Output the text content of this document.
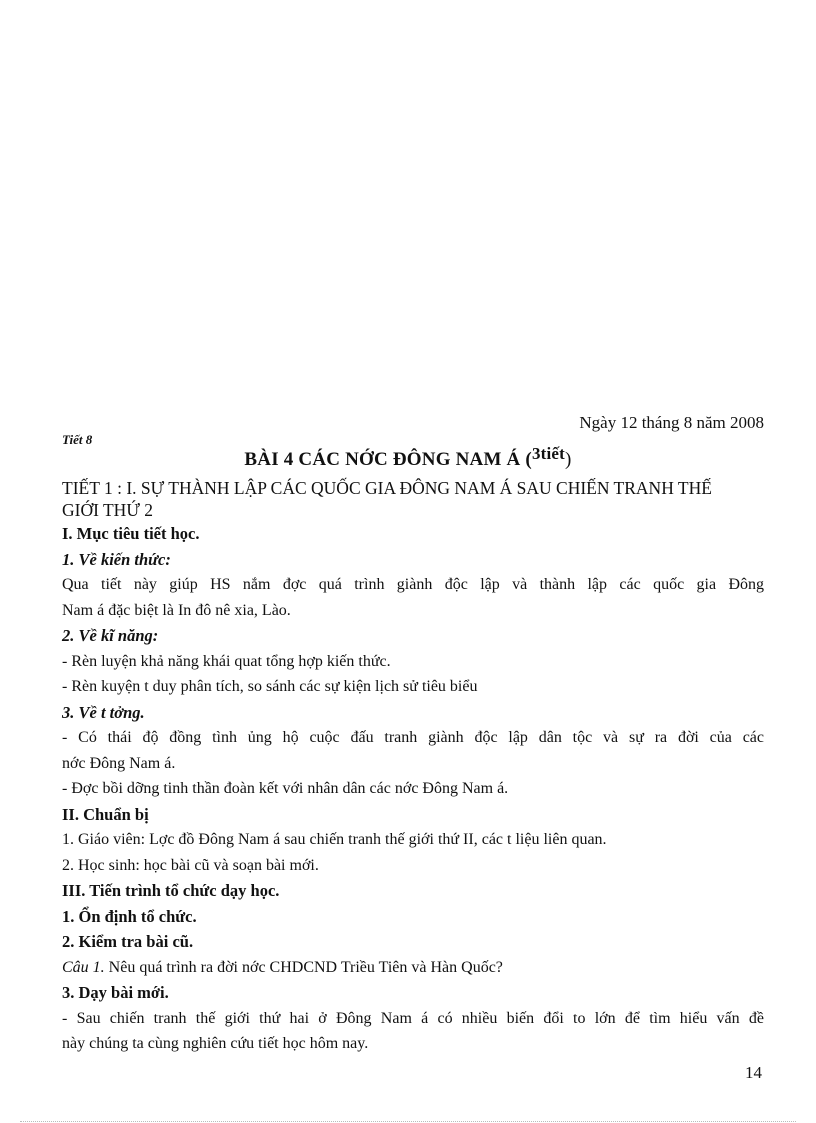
Ngày 12 tháng 8 năm 2008
Tiết 8
BÀI 4 CÁC NỚC ĐÔNG NAM Á (3tiết)
TIẾT 1 : I. SỰ THÀNH LẬP CÁC QUỐC GIA ĐÔNG NAM Á SAU CHIẾN TRANH THẾ GIỚI THỨ 2
I. Mục tiêu tiết học.
1. Về kiến thức:
Qua tiết này giúp HS nắm đợc quá trình giành độc lập và thành lập các quốc gia Đông
Nam á đặc biệt là In đô nê xia, Lào.
2. Về kĩ năng:
- Rèn luyện khả năng khái quat tổng hợp kiến thức.
- Rèn kuyện t duy phân tích, so sánh các sự kiện lịch sử tiêu biểu
3. Về t tởng.
- Có thái độ đồng tình ủng hộ cuộc đấu tranh giành độc lập dân tộc và sự ra đời của các
nớc Đông Nam á.
- Đợc bồi dỡng tinh thần đoàn kết với nhân dân các nớc Đông Nam á.
II. Chuẩn bị
1. Giáo viên: Lợc đồ Đông Nam á sau chiến tranh thế giới thứ II, các t liệu liên quan.
2. Học sinh: học bài cũ và soạn bài mới.
III. Tiến trình tổ chức dạy học.
1. Ổn định tổ chức.
2. Kiểm tra bài cũ.
Câu 1. Nêu quá trình ra đời nớc CHDCND Triều Tiên và Hàn Quốc?
3. Dạy bài mới.
- Sau chiến tranh thế giới thứ hai ở Đông Nam á có nhiều biến đổi to lớn để tìm hiểu vấn đề
này chúng ta cùng nghiên cứu tiết học hôm nay.
14
